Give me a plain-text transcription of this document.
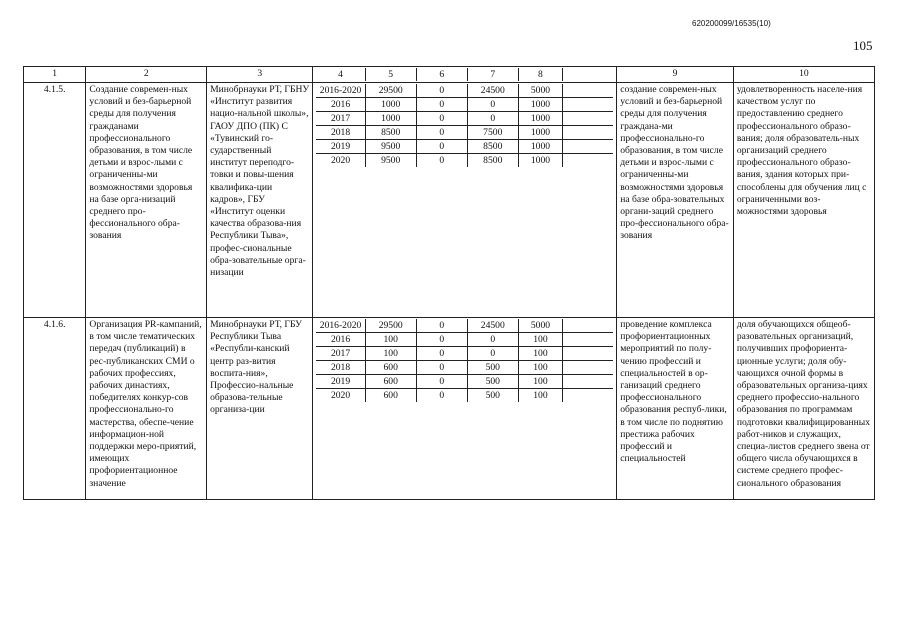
620200099/16535(10)
105
1	2	3		4	5	6	7	8	
		9	10
4.1.5.	Создание современ-ных условий и без-барьерной среды для получения гражданами профессионального образования, в том числе детьми и взрос-лыми с ограниченны-ми возможностями здоровья на базе орга-низаций среднего про-фессионального обра-зования	Минобрнауки РТ, ГБНУ «Институт развития нацио-нальной школы», ГАОУ ДПО (ПК) С «Тувинский го-сударственный институт переподго-товки и повы-шения квалифика-ции кадров», ГБУ «Институт оценки качества образова-ния Республики Тыва», профес-сиональные обра-зовательные орга-низации	
2016-2020	29500	0	24500	5000	
2016	1000	0	0	1000	
2017	1000	0	0	1000	
2018	8500	0	7500	1000	
2019	9500	0	8500	1000	
2020	9500	0	8500	1000	
	создание современ-ных условий и без-барьерной среды для получения граждана-ми профессионально-го образования, в том числе детьми и взрос-лыми с ограниченны-ми возможностями здоровья на базе обра-зовательных органи-заций среднего про-фессионального обра-зования	удовлетворенность населе-ния качеством услуг по предоставлению среднего профессионального образо-вания; доля образователь-ных организаций среднего профессионального образо-вания, здания которых при-способлены для обучения лиц с ограниченными воз-можностями здоровья
4.1.6.	Организация PR-кампаний, в том числе тематических передач (публикаций) в рес-публиканских СМИ о рабочих профессиях, рабочих династиях, победителях конкур-сов профессионально-го мастерства, обеспе-чение информацион-ной поддержки меро-приятий, имеющих профориентационное значение	Минобрнауки РТ, ГБУ Республики Тыва «Республи-канский центр раз-вития воспита-ния», Профессио-нальные образова-тельные организа-ции	
2016-2020	29500	0	24500	5000	
2016	100	0	0	100	
2017	100	0	0	100	
2018	600	0	500	100	
2019	600	0	500	100	
2020	600	0	500	100	
	проведение комплекса профориентационных мероприятий по полу-чению профессий и специальностей в ор-ганизаций среднего профессионального образования респуб-лики, в том числе по поднятию престижа рабочих профессий и специальностей	доля обучающихся общеоб-разовательных организаций, получивших профориента-ционные услуги; доля обу-чающихся очной формы в образовательных организа-циях среднего профессио-нального образования по программам подготовки квалифицированных работ-ников и служащих, специа-листов среднего звена от общего числа обучающихся в системе среднего профес-сионального образования
